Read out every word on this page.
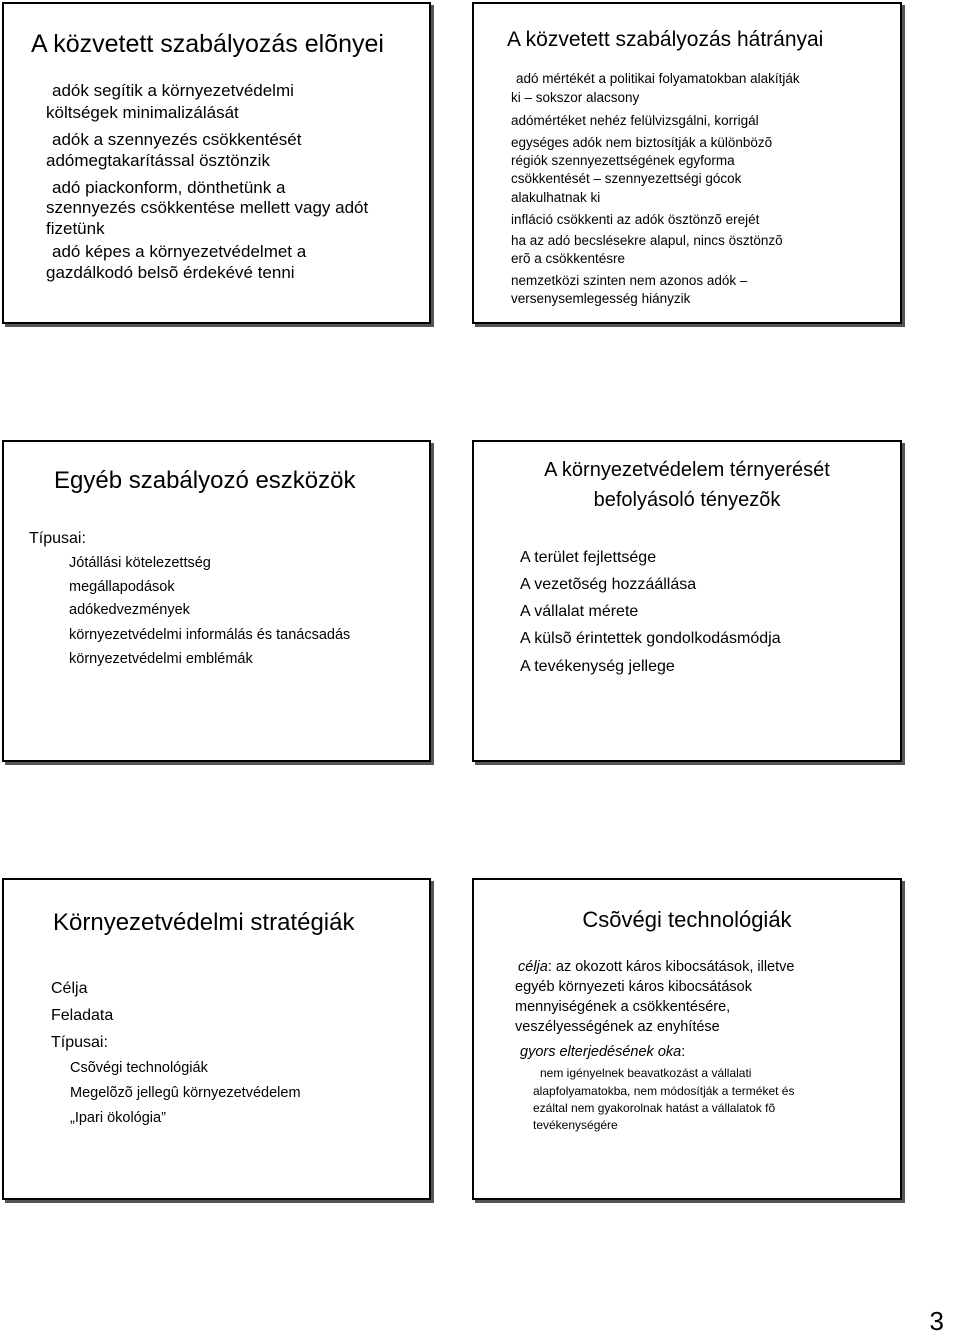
A közvetett szabályozás elõnyei
adók segítik a környezetvédelmi
költségek minimalizálását
adók a szennyezés csökkentését
adómegtakarítással ösztönzik
adó piackonform, dönthetünk a
szennyezés csökkentése mellett vagy adót
fizetünk
adó képes a környezetvédelmet a
gazdálkodó belsõ érdekévé tenni
A közvetett szabályozás hátrányai
adó mértékét a politikai folyamatokban alakítják
ki – sokszor alacsony
adómértéket nehéz felülvizsgálni, korrigál
egységes adók nem biztosítják a különbözõ
régiók szennyezettségének egyforma
csökkentését – szennyezettségi gócok
alakulhatnak ki
infláció csökkenti az adók ösztönzõ erejét
ha az adó becslésekre alapul, nincs ösztönzõ
erõ a csökkentésre
nemzetközi szinten nem azonos adók –
versenysemlegesség hiányzik
Egyéb szabályozó eszközök
Típusai:
Jótállási kötelezettség
megállapodások
adókedvezmények
környezetvédelmi informálás és tanácsadás
környezetvédelmi emblémák
A környezetvédelem térnyerését
befolyásoló tényezõk
A terület fejlettsége
A vezetõség hozzáállása
A vállalat mérete
A külsõ érintettek gondolkodásmódja
A tevékenység jellege
Környezetvédelmi stratégiák
Célja
Feladata
Típusai:
Csõvégi technológiák
Megelõzõ jellegû környezetvédelem
„Ipari ökológia”
Csõvégi technológiák
célja: az okozott káros kibocsátások, illetve
egyéb környezeti káros kibocsátások
mennyiségének a csökkentésére,
veszélyességének az enyhítése
gyors elterjedésének oka:
nem igényelnek beavatkozást a vállalati
alapfolyamatokba, nem módosítják a terméket és
ezáltal nem gyakorolnak hatást a vállalatok fõ
tevékenységére
3
